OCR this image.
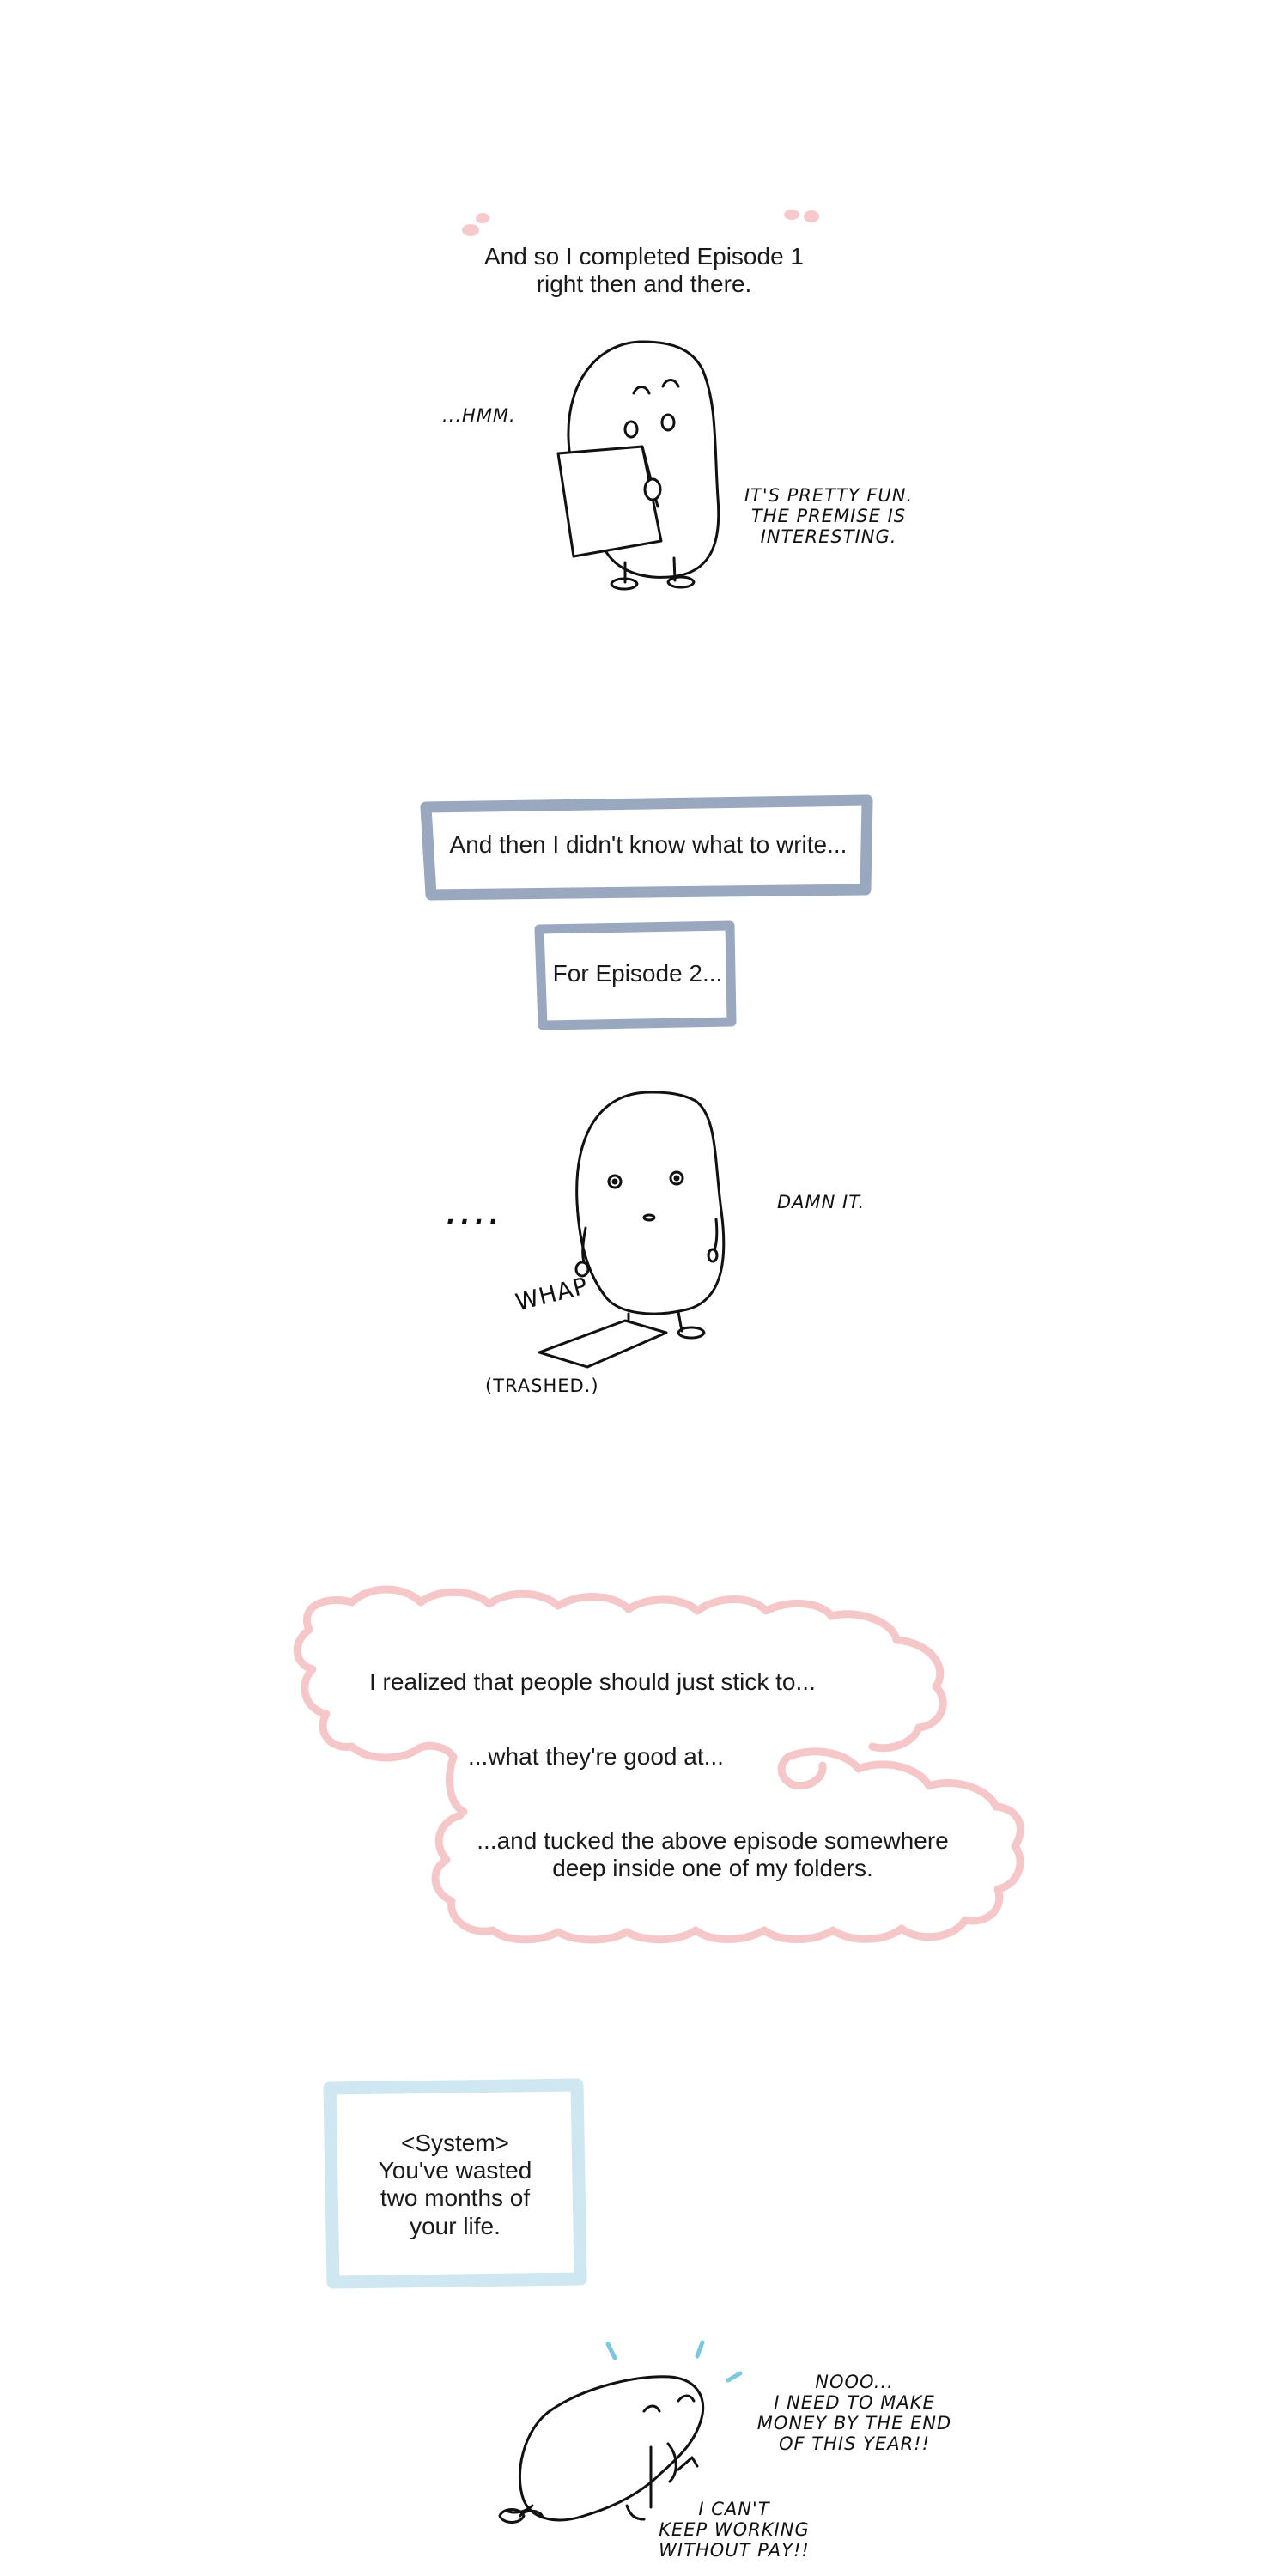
And so I completed Episode 1
right then and there.
...HMM.
IT'S PRETTY FUN.
THE PREMISE IS
INTERESTING.
And then I didn't know what to write...
For Episode 2...
....	DAMN IT.
WHAP
(TRASHED.)
I realized that people should just stick to...
...what they're good at...
...and tucked the above episode somewhere
deep inside one of my folders.
<System>
You've wasted
two months of
your life.
NOOO...
I NEED TO MAKE
MONEY BY THE END
OF THIS YEAR!!
I CAN'T
KEEP WORKING
WITHOUT PAY!!
